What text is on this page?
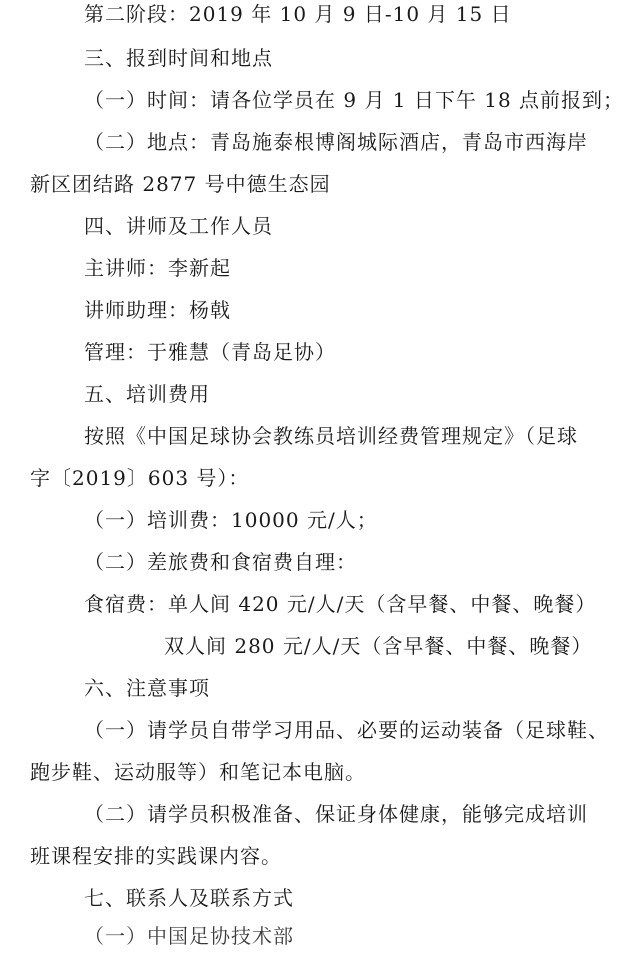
第二阶段：2019 年 10 月 9 日-10 月 15 日
三、报到时间和地点
（一）时间：请各位学员在 9 月 1 日下午 18 点前报到；
（二）地点：青岛施泰根博阁城际酒店，青岛市西海岸
新区团结路 2877 号中德生态园
四、讲师及工作人员
主讲师：李新起
讲师助理：杨戟
管理：于雅慧（青岛足协）
五、培训费用
按照《中国足球协会教练员培训经费管理规定》（足球
字〔2019〕603 号）：
（一）培训费：10000 元/人；
（二）差旅费和食宿费自理：
食宿费：单人间 420 元/人/天（含早餐、中餐、晚餐）
双人间 280 元/人/天（含早餐、中餐、晚餐）
六、注意事项
（一）请学员自带学习用品、必要的运动装备（足球鞋、
跑步鞋、运动服等）和笔记本电脑。
（二）请学员积极准备、保证身体健康，能够完成培训
班课程安排的实践课内容。
七、联系人及联系方式
（一）中国足协技术部
